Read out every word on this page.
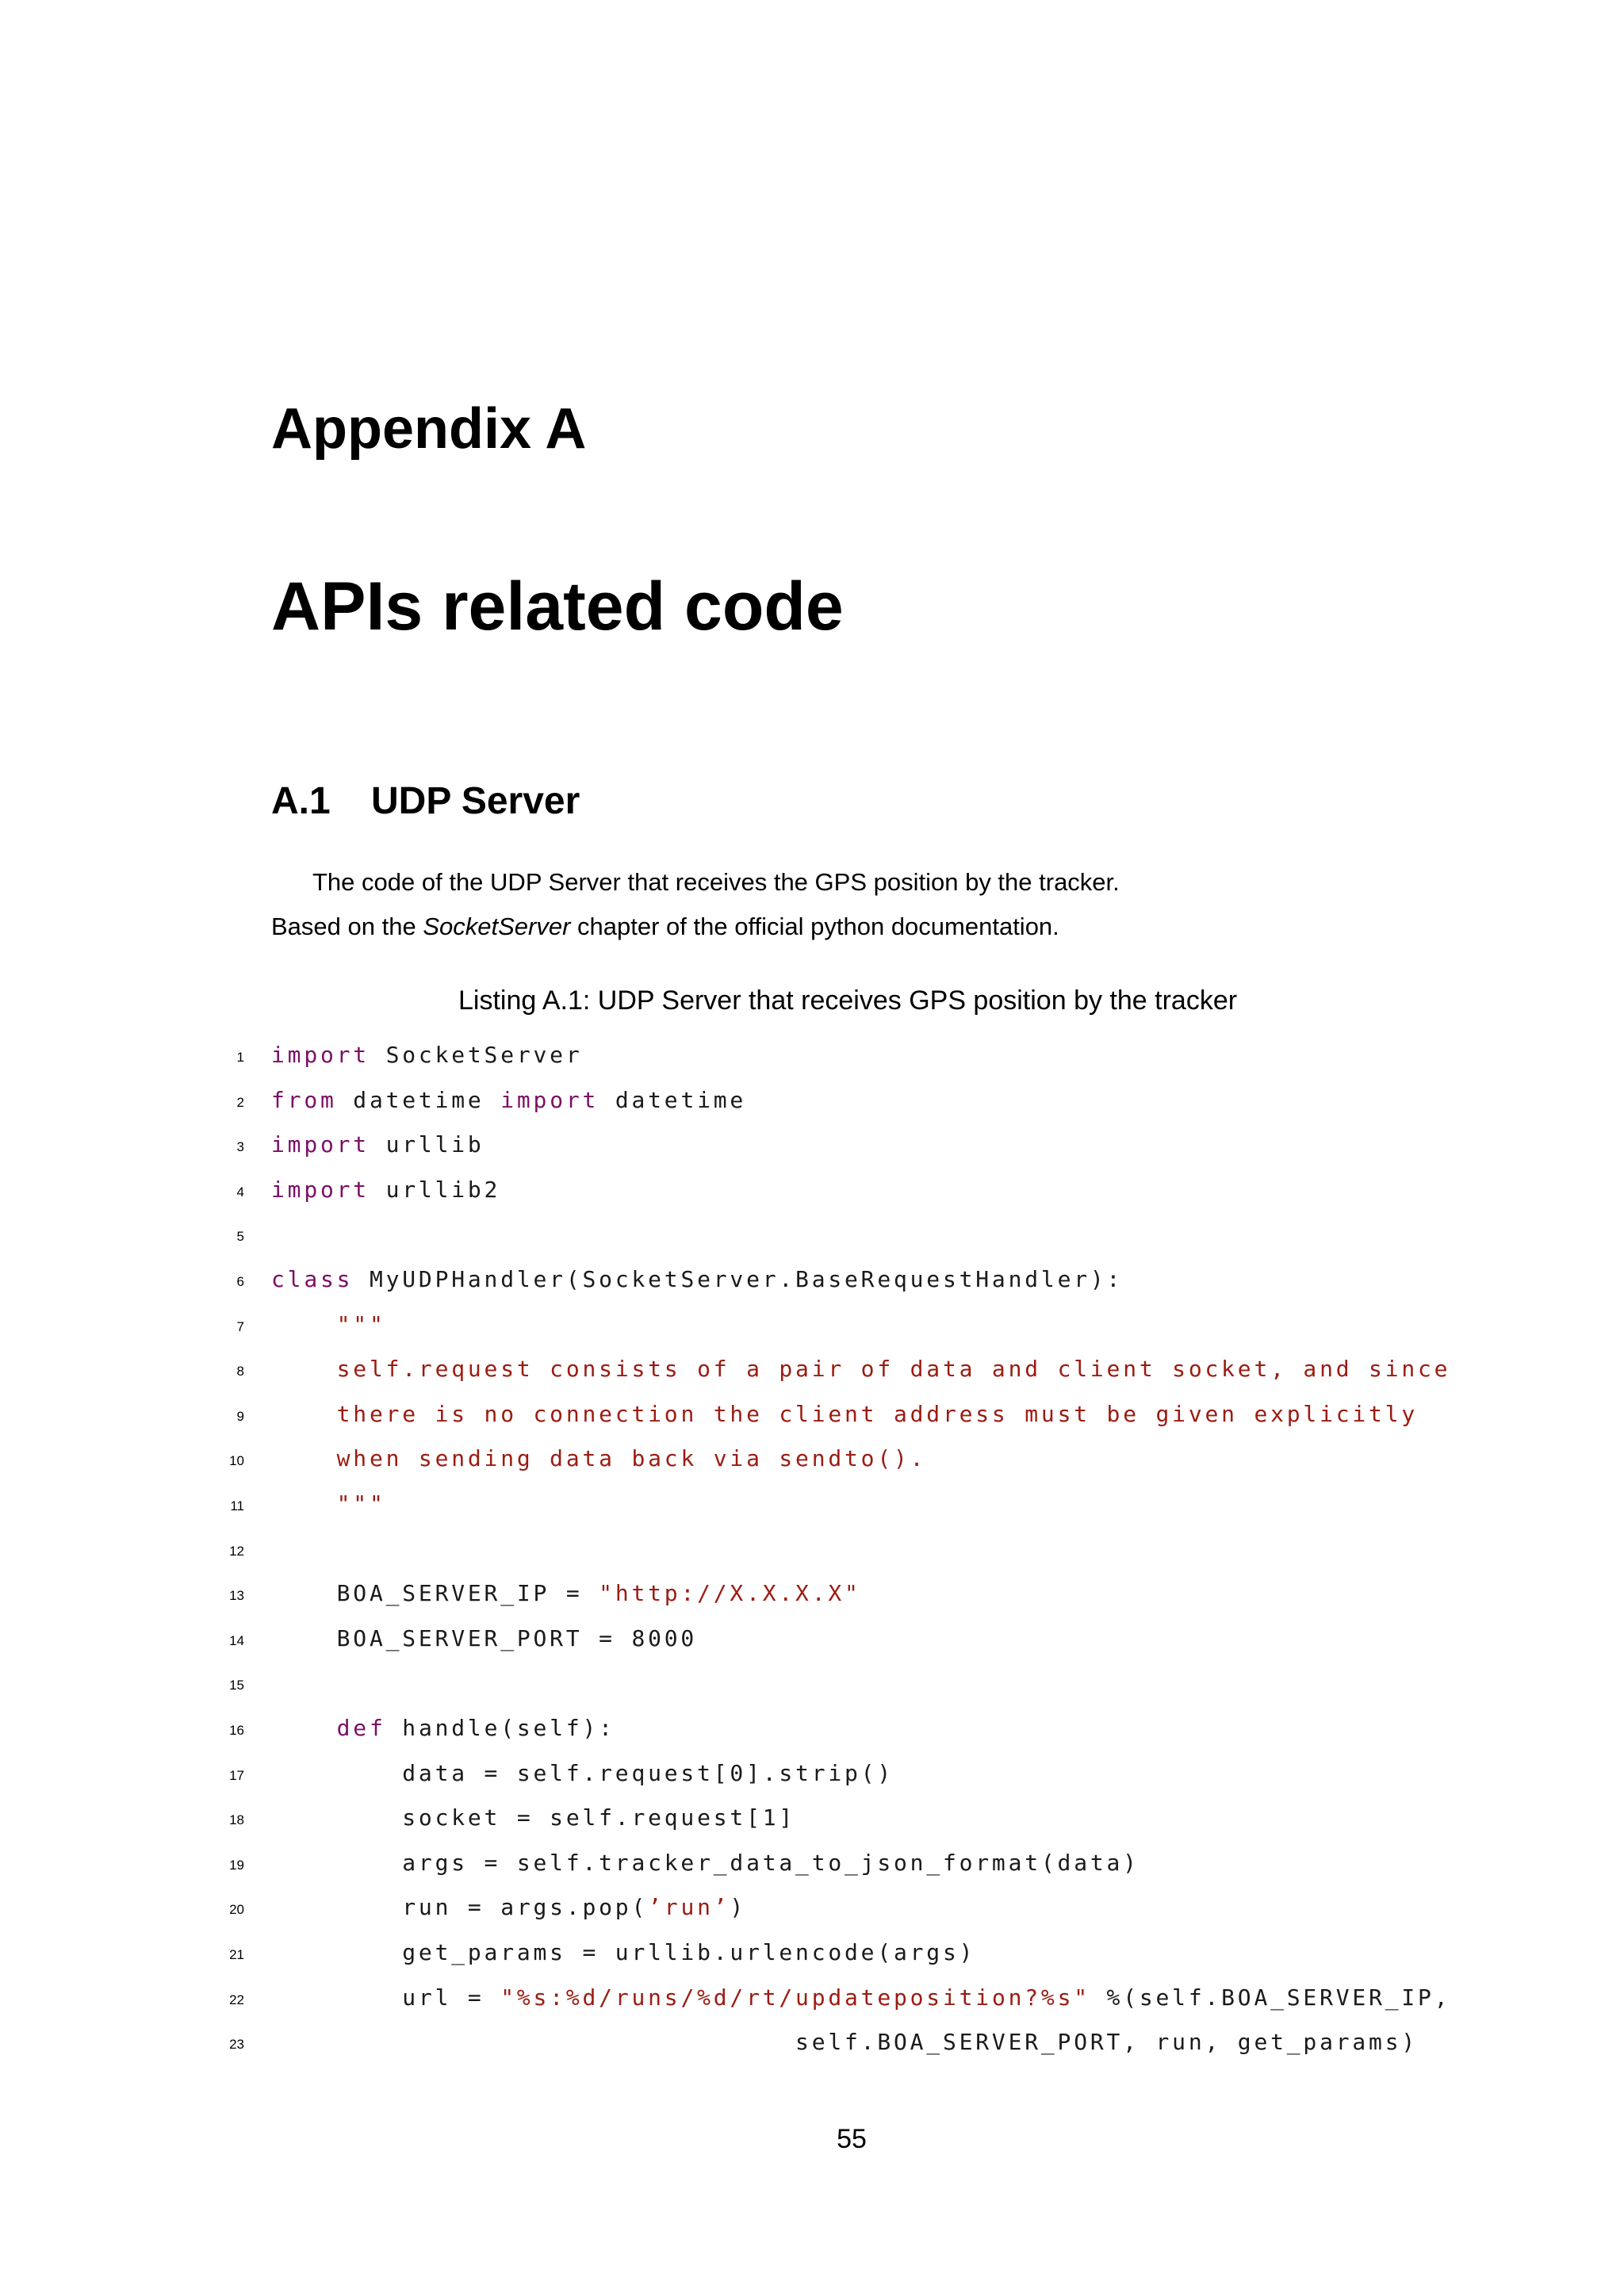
Appendix A
APIs related code
A.1 UDP Server
The code of the UDP Server that receives the GPS position by the tracker.
Based on the SocketServer chapter of the official python documentation.
Listing A.1: UDP Server that receives GPS position by the tracker
1 import SocketServer
2 from datetime import datetime
3 import urllib
4 import urllib2
5
6 class MyUDPHandler(SocketServer.BaseRequestHandler):
7	"""
8	self.request consists of a pair of data and client socket, and since
9	there is no connection the client address must be given explicitly
10	when sending data back via sendto().
11	"""
12
13 BOA_SERVER_IP = "http://X.X.X.X"
14 BOA_SERVER_PORT = 8000
15
16	def handle(self):
17 data = self.request[0].strip()
18 socket = self.request[1]
19 args = self.tracker_data_to_json_format(data)
20 run = args.pop(’run’)
21 get_params = urllib.urlencode(args)
22 url = "%s:%d/runs/%d/rt/updateposition?%s" %(self.BOA_SERVER_IP,
23 self.BOA_SERVER_PORT, run, get_params)
55
